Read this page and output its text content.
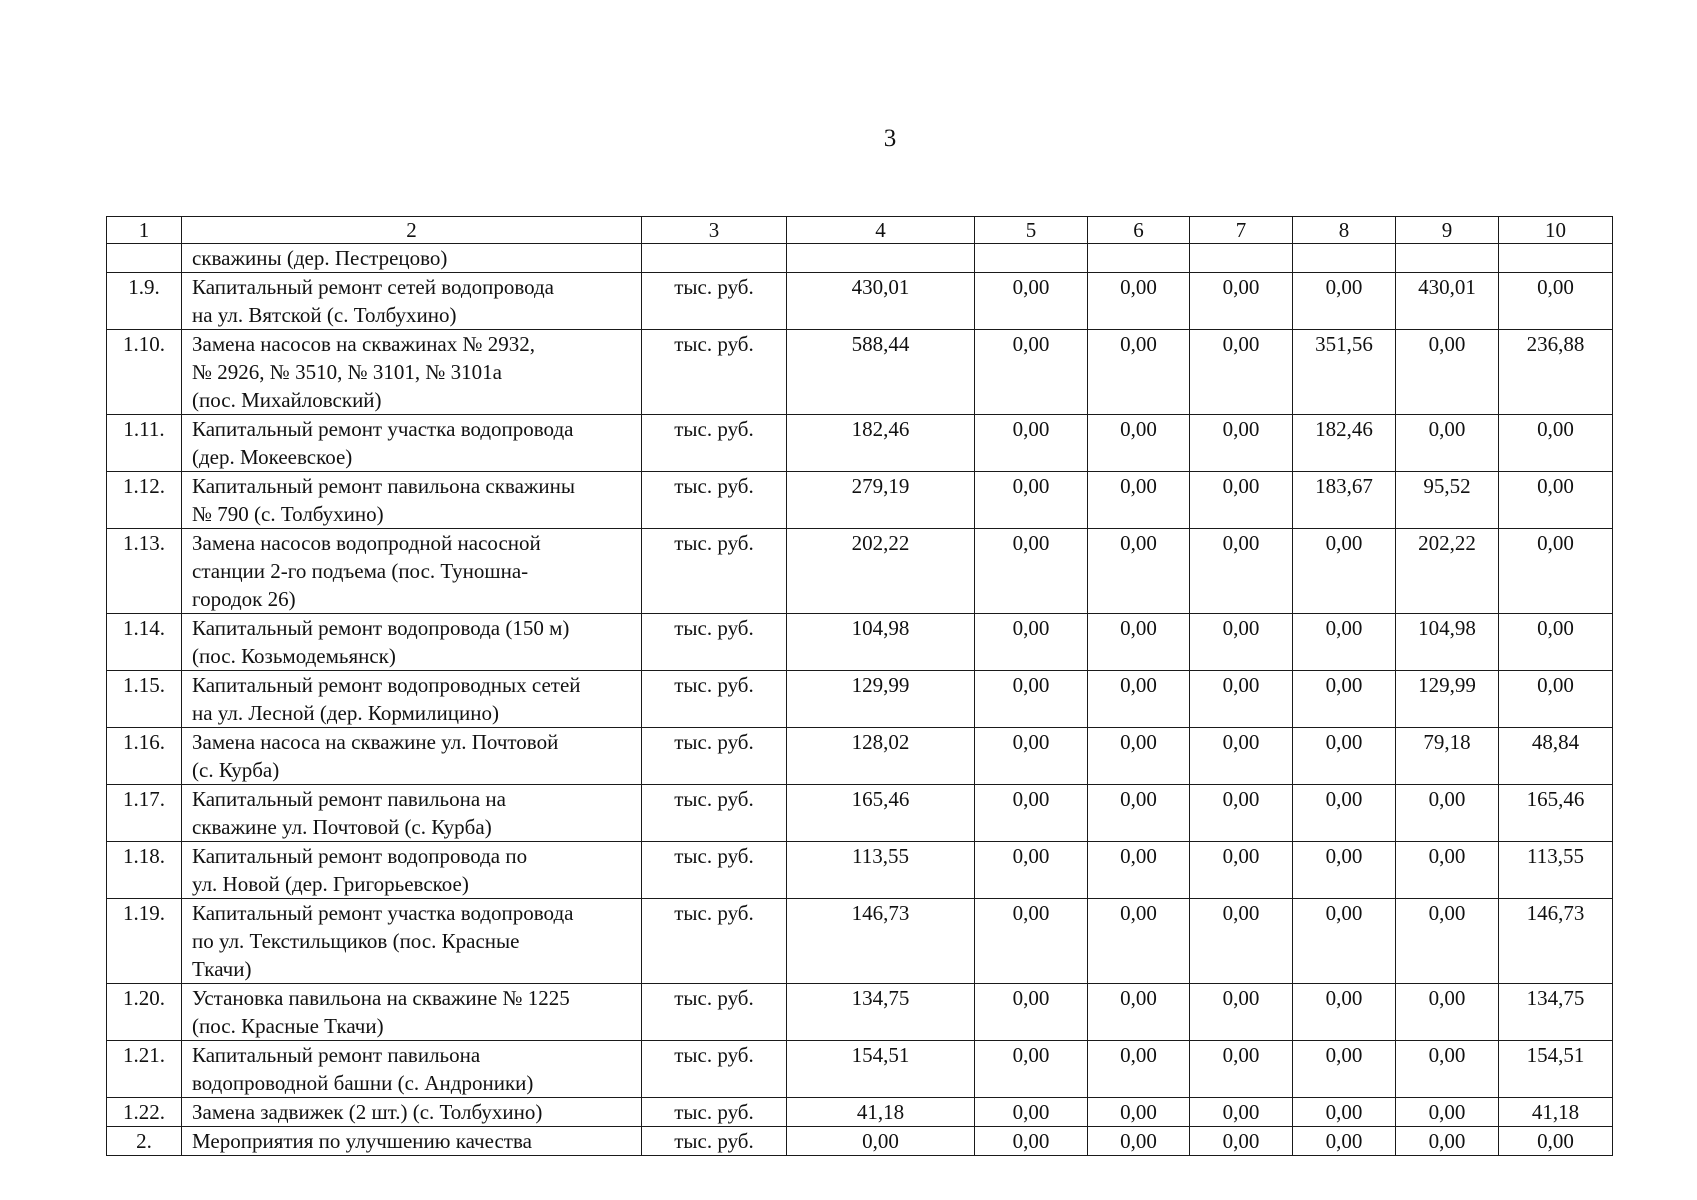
3
1	2	3	4	5	6	7	8	9	10

	скважины (дер. Пестрецово)								

1.9.	Капитальный ремонт сетей водопровода
на ул. Вятской (с. Толбухино)	тыс. руб.	430,01	0,00	0,00	0,00	0,00	430,01	0,00
1.10.	Замена насосов на скважинах № 2932,
№ 2926, № 3510, № 3101, № 3101а
(пос. Михайловский)	тыс. руб.	588,44	0,00	0,00	0,00	351,56	0,00	236,88
1.11.	Капитальный ремонт участка водопровода
(дер. Мокеевское)	тыс. руб.	182,46	0,00	0,00	0,00	182,46	0,00	0,00
1.12.	Капитальный ремонт павильона скважины
№ 790 (с. Толбухино)	тыс. руб.	279,19	0,00	0,00	0,00	183,67	95,52	0,00
1.13.	Замена насосов водопродной насосной
станции 2-го подъема (пос. Туношна-
городок 26)	тыс. руб.	202,22	0,00	0,00	0,00	0,00	202,22	0,00
1.14.	Капитальный ремонт водопровода (150 м)
(пос. Козьмодемьянск)	тыс. руб.	104,98	0,00	0,00	0,00	0,00	104,98	0,00
1.15.	Капитальный ремонт водопроводных сетей
на ул. Лесной (дер. Кормилицино)	тыс. руб.	129,99	0,00	0,00	0,00	0,00	129,99	0,00
1.16.	Замена насоса на скважине ул. Почтовой
(с. Курба)	тыс. руб.	128,02	0,00	0,00	0,00	0,00	79,18	48,84
1.17.	Капитальный ремонт павильона на
скважине ул. Почтовой (с. Курба)	тыс. руб.	165,46	0,00	0,00	0,00	0,00	0,00	165,46
1.18.	Капитальный ремонт водопровода по
ул. Новой (дер. Григорьевское)	тыс. руб.	113,55	0,00	0,00	0,00	0,00	0,00	113,55
1.19.	Капитальный ремонт участка водопровода
по ул. Текстильщиков (пос. Красные
Ткачи)	тыс. руб.	146,73	0,00	0,00	0,00	0,00	0,00	146,73
1.20.	Установка павильона на скважине № 1225
(пос. Красные Ткачи)	тыс. руб.	134,75	0,00	0,00	0,00	0,00	0,00	134,75
1.21.	Капитальный ремонт павильона
водопроводной башни (с. Андроники)	тыс. руб.	154,51	0,00	0,00	0,00	0,00	0,00	154,51
1.22.	Замена задвижек (2 шт.) (с. Толбухино)	тыс. руб.	41,18	0,00	0,00	0,00	0,00	0,00	41,18
2.	Мероприятия по улучшению качества	тыс. руб.	0,00	0,00	0,00	0,00	0,00	0,00	0,00
